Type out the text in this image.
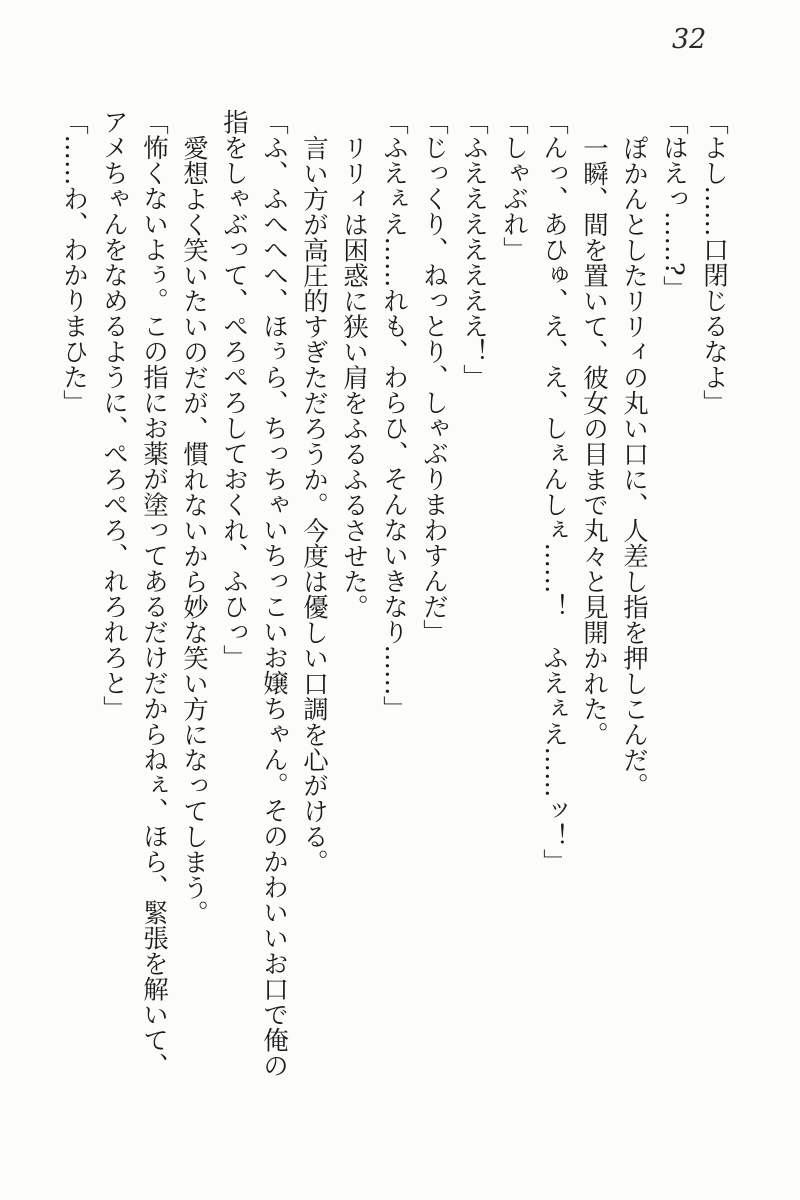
32
「よし……口閉じるなよ」
「はえっ……?」
ぽかんとしたリリィの丸い口に、人差し指を押しこんだ。
一瞬、間を置いて、彼女の目まで丸々と見開かれた。
「んっ、あひゅ、え、え、しぇんしぇ……！　ふえぇえ……ッ！」
「しゃぶれ」
「ふえええええええ！」
「じっくり、ねっとり、しゃぶりまわすんだ」
「ふえぇえ……れも、わらひ、そんないきなり……」
リリィは困惑に狭い肩をふるふるさせた。
言い方が高圧的すぎただろうか。今度は優しい口調を心がける。
「ふ、ふへへへ、ほぅら、ちっちゃいちっこいお嬢ちゃん。そのかわいいお口で俺の
指をしゃぶって、ぺろぺろしておくれ、ふひっ」
愛想よく笑いたいのだが、慣れないから妙な笑い方になってしまう。
「怖くないよぅ。この指にお薬が塗ってあるだけだからねぇ、ほら、緊張を解いて、
アメちゃんをなめるように、ぺろぺろ、れろれろと」
「……わ、わかりまひた」
